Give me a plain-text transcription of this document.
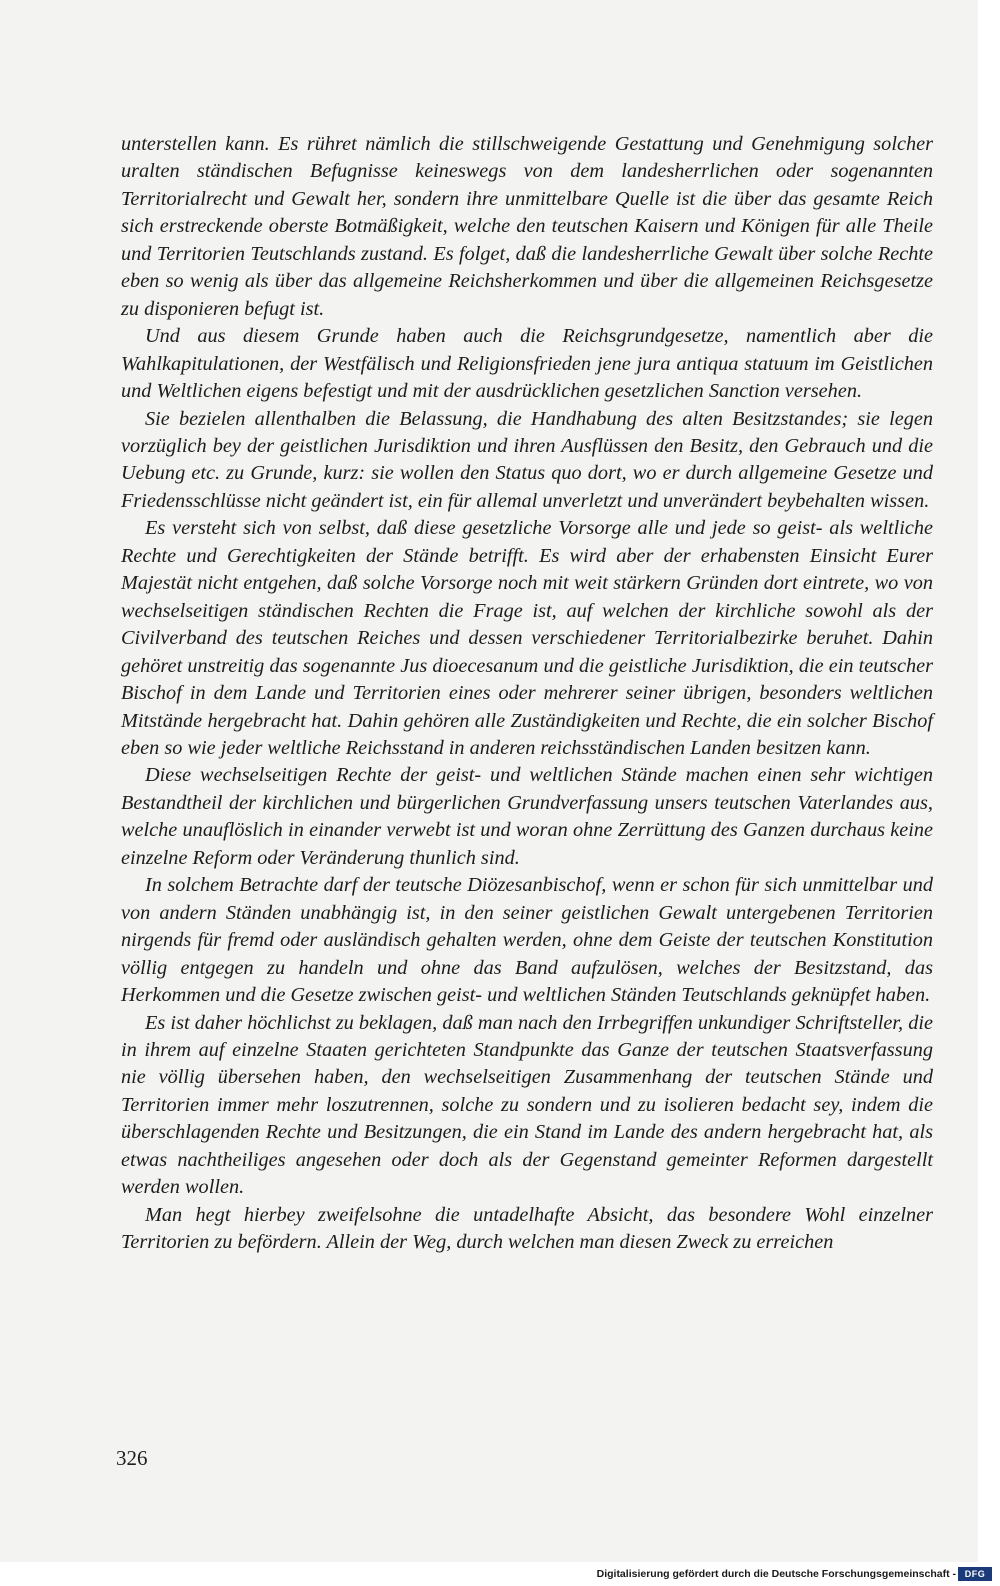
unterstellen kann. Es rühret nämlich die stillschweigende Gestattung und Genehmigung solcher uralten ständischen Befugnisse keineswegs von dem landesherrlichen oder sogenannten Territorialrecht und Gewalt her, sondern ihre unmittelbare Quelle ist die über das gesamte Reich sich erstreckende oberste Botmäßigkeit, welche den teutschen Kaisern und Königen für alle Theile und Territorien Teutschlands zustand. Es folget, daß die landesherrliche Gewalt über solche Rechte eben so wenig als über das allgemeine Reichsherkommen und über die allgemeinen Reichsgesetze zu disponieren befugt ist.

Und aus diesem Grunde haben auch die Reichsgrundgesetze, namentlich aber die Wahlkapitulationen, der Westfälisch und Religionsfrieden jene jura antiqua statuum im Geistlichen und Weltlichen eigens befestigt und mit der ausdrücklichen gesetzlichen Sanction versehen.

Sie bezielen allenthalben die Belassung, die Handhabung des alten Besitzstandes; sie legen vorzüglich bey der geistlichen Jurisdiktion und ihren Ausflüssen den Besitz, den Gebrauch und die Uebung etc. zu Grunde, kurz: sie wollen den Status quo dort, wo er durch allgemeine Gesetze und Friedensschlüsse nicht geändert ist, ein für allemal unverletzt und unverändert beybehalten wissen.

Es versteht sich von selbst, daß diese gesetzliche Vorsorge alle und jede so geist- als weltliche Rechte und Gerechtigkeiten der Stände betrifft. Es wird aber der erhabensten Einsicht Eurer Majestät nicht entgehen, daß solche Vorsorge noch mit weit stärkern Gründen dort eintrete, wo von wechselseitigen ständischen Rechten die Frage ist, auf welchen der kirchliche sowohl als der Civilverband des teutschen Reiches und dessen verschiedener Territorialbezirke beruhet. Dahin gehöret unstreitig das sogenannte Jus dioecesanum und die geistliche Jurisdiktion, die ein teutscher Bischof in dem Lande und Territorien eines oder mehrerer seiner übrigen, besonders weltlichen Mitstände hergebracht hat. Dahin gehören alle Zuständigkeiten und Rechte, die ein solcher Bischof eben so wie jeder weltliche Reichsstand in anderen reichsständischen Landen besitzen kann.

Diese wechselseitigen Rechte der geist- und weltlichen Stände machen einen sehr wichtigen Bestandtheil der kirchlichen und bürgerlichen Grundverfassung unsers teutschen Vaterlandes aus, welche unauflöslich in einander verwebt ist und woran ohne Zerrüttung des Ganzen durchaus keine einzelne Reform oder Veränderung thunlich sind.

In solchem Betrachte darf der teutsche Diözesanbischof, wenn er schon für sich unmittelbar und von andern Ständen unabhängig ist, in den seiner geistlichen Gewalt untergebenen Territorien nirgends für fremd oder ausländisch gehalten werden, ohne dem Geiste der teutschen Konstitution völlig entgegen zu handeln und ohne das Band aufzulösen, welches der Besitzstand, das Herkommen und die Gesetze zwischen geist- und weltlichen Ständen Teutschlands geknüpfet haben.

Es ist daher höchlichst zu beklagen, daß man nach den Irrbegriffen unkundiger Schriftsteller, die in ihrem auf einzelne Staaten gerichteten Standpunkte das Ganze der teutschen Staatsverfassung nie völlig übersehen haben, den wechselseitigen Zusammenhang der teutschen Stände und Territorien immer mehr loszutrennen, solche zu sondern und zu isolieren bedacht sey, indem die überschlagenden Rechte und Besitzungen, die ein Stand im Lande des andern hergebracht hat, als etwas nachtheiliges angesehen oder doch als der Gegenstand gemeinter Reformen dargestellt werden wollen.

Man hegt hierbey zweifelsohne die untadelhafte Absicht, das besondere Wohl einzelner Territorien zu befördern. Allein der Weg, durch welchen man diesen Zweck zu erreichen

326
Digitalisierung gefördert durch die Deutsche Forschungsgemeinschaft - DFG
